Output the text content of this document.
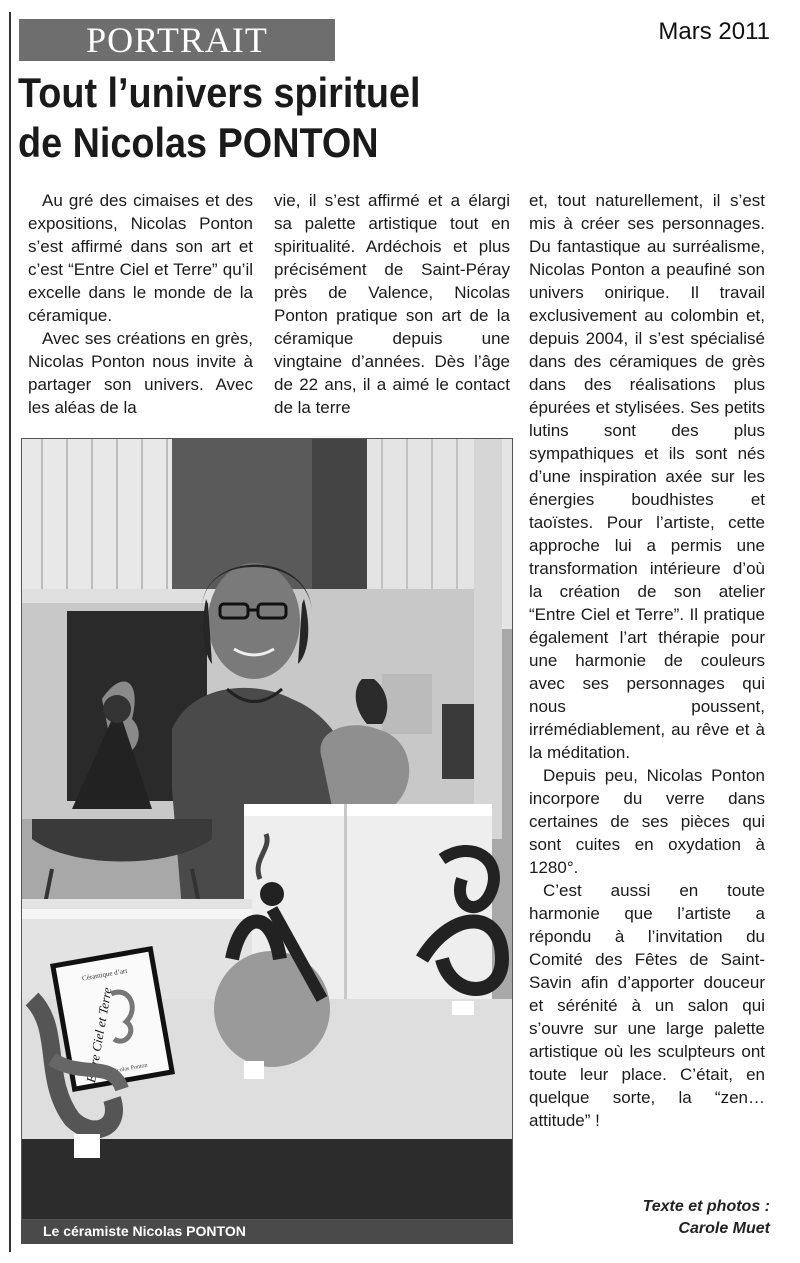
PORTRAIT	Mars 2011
Tout l’univers spirituel
de Nicolas PONTON

Au gré des cimaises et des expositions, Nicolas Ponton s’est affirmé dans son art et c’est “Entre Ciel et Terre” qu’il excelle dans le monde de la céramique.

Avec ses créations en grès, Nicolas Ponton nous invite à partager son univers. Avec les aléas de la

vie, il s’est affirmé et a élargi sa palette artistique tout en spiritualité. Ardéchois et plus précisément de Saint-Péray près de Valence, Nicolas Ponton pratique son art de la céramique depuis une vingtaine d’années. Dès l’âge de 22 ans, il a aimé le contact de la terre

et, tout naturellement, il s’est mis à créer ses personnages. Du fantastique au surréalisme, Nicolas Ponton a peaufiné son univers onirique. Il travail exclusivement au colombin et, depuis 2004, il s’est spécialisé dans des céramiques de grès dans des réalisations plus épurées et stylisées. Ses petits lutins sont des plus sympathiques et ils sont nés d’une inspiration axée sur les énergies boudhistes et taoïstes. Pour l’artiste, cette approche lui a permis une transformation intérieure d’où la création de son atelier “Entre Ciel et Terre”. Il pratique également l’art thérapie pour une harmonie de couleurs avec ses personnages qui nous poussent, irrémédiablement, au rêve et à la méditation.

Depuis peu, Nicolas Ponton incorpore du verre dans certaines de ses pièces qui sont cuites en oxydation à 1280°.

C’est aussi en toute harmonie que l’artiste a répondu à l’invitation du Comité des Fêtes de Saint-Savin afin d’apporter douceur et sérénité à un salon qui s’ouvre sur une large palette artistique où les sculpteurs ont toute leur place. C’était, en quelque sorte, la “zen… attitude” !

Céramique d’art
Entre Ciel et Terre
Nicolas Ponton
Le céramiste Nicolas PONTON
Texte et photos :
Carole Muet
